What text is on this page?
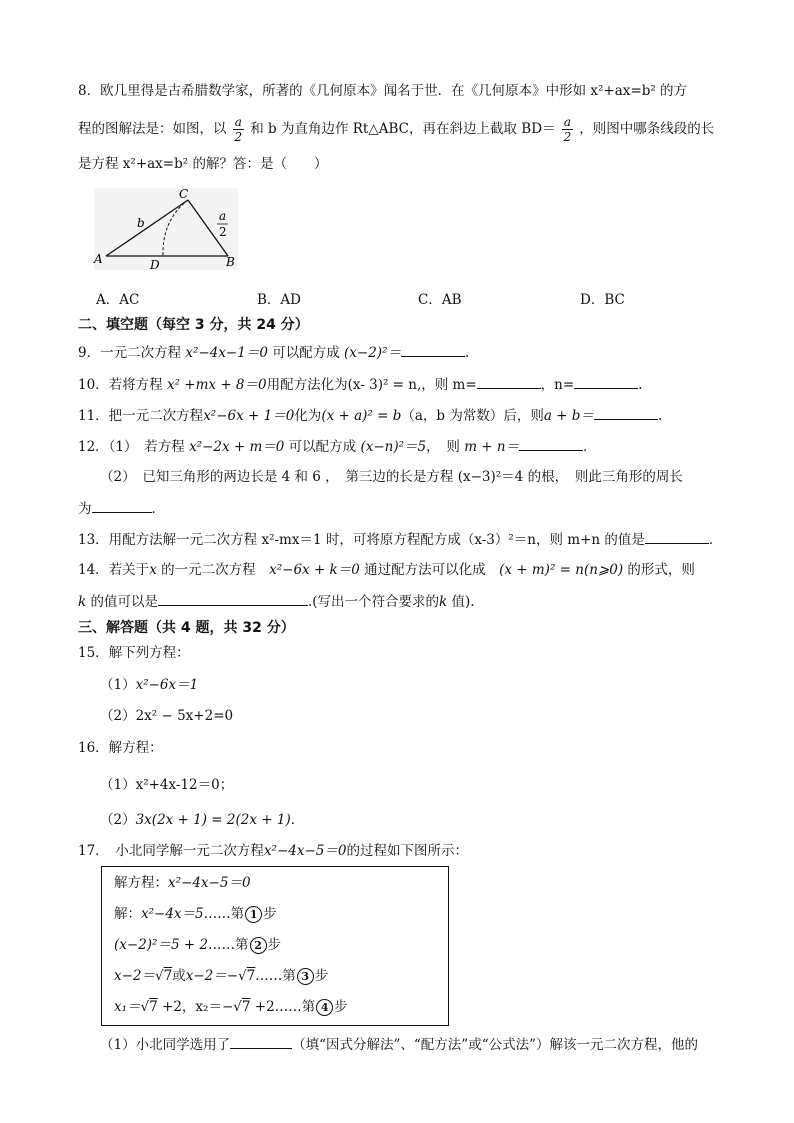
8．欧几里得是古希腊数学家，所著的《几何原本》闻名于世．在《几何原本》中形如 x²+ax=b² 的方
程的图解法是：如图，以 $\frac{a}{2}$ 和 b 为直角边作 Rt△ABC，再在斜边上截取 $BD= \frac{a}{2}$ ，则图中哪条线段的长
是方程 x²+ax=b² 的解？答：是（　　）
A	B
C
D
b	a
2
A．AC	B．AD	C．AB	D．BC
二、填空题（每空 3 分，共 24 分）
9．一元二次方程 x²−4x−1＝0 可以配方成 (x−2)²＝	.
10．若将方程 x² +mx + 8＝0用配方法化为(x- 3)² = n,，则 m=	，n=	.
11．把一元二次方程x²−6x + 1＝0化为(x + a)² = b（a，b 为常数）后，则a + b＝	.
12．（1）　若方程 x²−2x + m＝0 可以配方成 (x−n)²＝5，　则 m + n＝	．
（2）　已知三角形的两边长是 4 和 6 ，　第三边的长是方程 (x−3)²＝4 的根，　则此三角形的周长
为	．
13．用配方法解一元二次方程 x²-mx＝1 时，可将原方程配方成（x-3）²＝n，则 m+n 的值是	．
14．若关于x 的一元二次方程　x²−6x + k＝0 通过配方法可以化成　(x + m)² = n(n⩾0) 的形式，则
k 的值可以是	.(写出一个符合要求的k 值).
三、解答题（共 4 题，共 32 分）
15．解下列方程：
（1）x²−6x＝1
（2）2x² − 5x+2=0
16．解方程：
（1）x²+4x-12＝0；
（2）3x(2x + 1) = 2(2x + 1)．
17．　小北同学解一元二次方程x²−4x−5＝0的过程如下图所示：
解方程：x²−4x−5＝0
解：x²−4x＝5……第 1 步
(x−2)²＝5 + 2……第 2 步
x−2＝√7或x−2＝−√7……第 3 步
x₁＝√7 +2，x₂＝−√7 +2……第 4 步
（1）小北同学选用了	（填“因式分解法”、“配方法”或“公式法”）解该一元二次方程，他的
